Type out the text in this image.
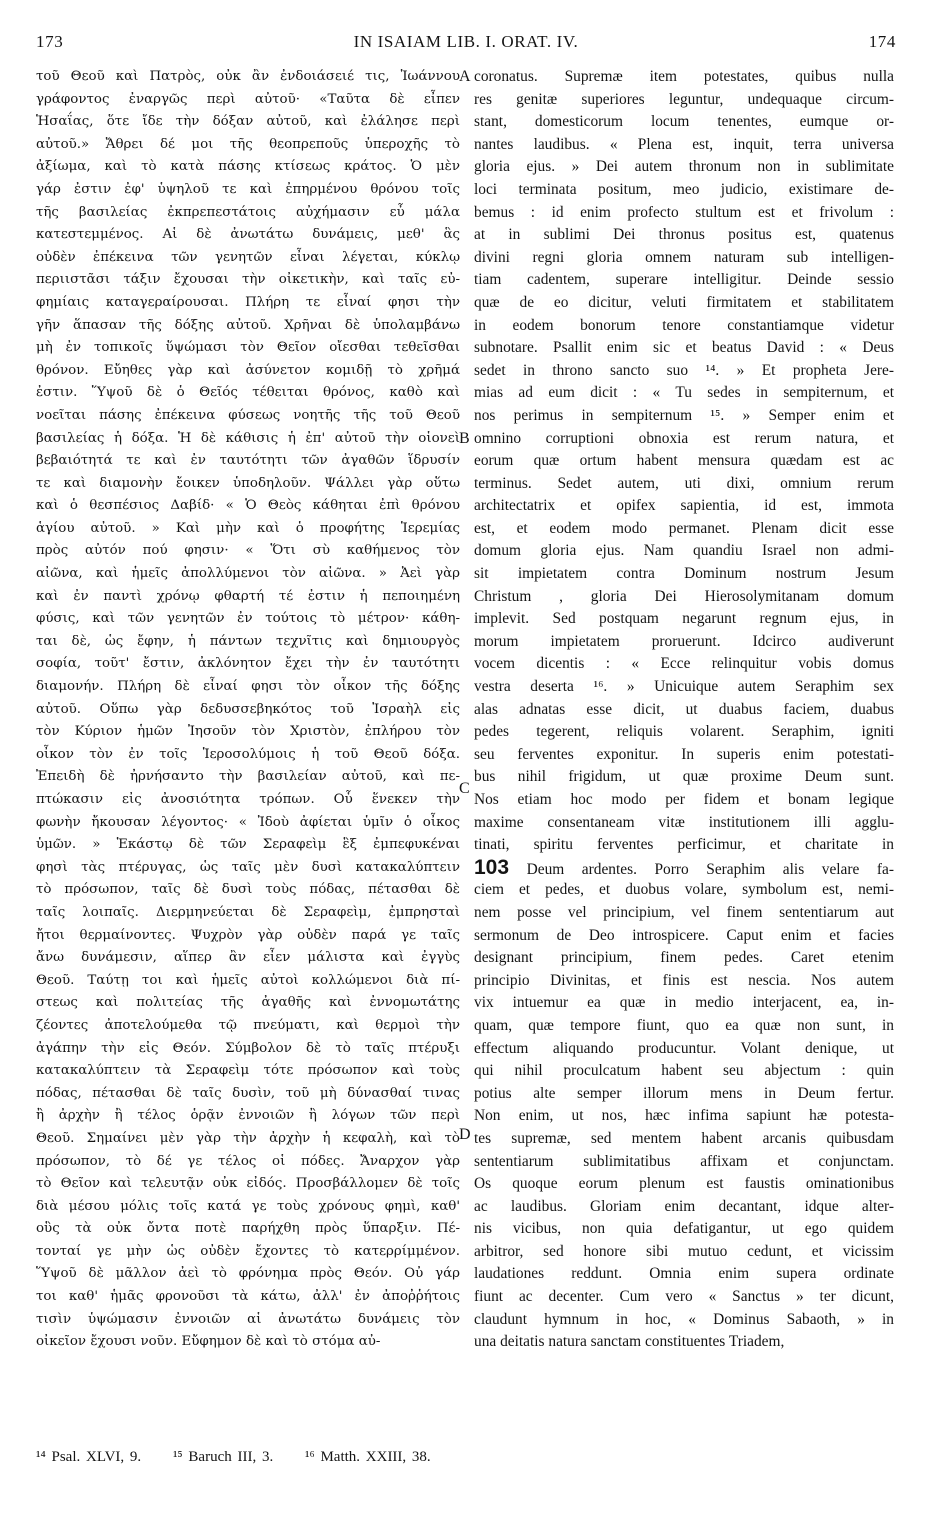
173	IN ISAIAM LIB. I. ORAT. IV.	174
τοῦ Θεοῦ καὶ Πατρὸς, οὐκ ἂν ἐνδοιάσειέ τις, Ἰωάννου
γράφοντος ἐναργῶς περὶ αὐτοῦ· «Ταῦτα δὲ εἶπεν
Ἡσαΐας, ὅτε ἴδε τὴν δόξαν αὐτοῦ, καὶ ἐλάλησε περὶ
αὐτοῦ.» Ἄθρει δέ μοι τῆς θεοπρεποῦς ὑπεροχῆς τὸ
ἀξίωμα, καὶ τὸ κατὰ πάσης κτίσεως κράτος. Ὁ μὲν
γάρ ἐστιν ἐφ' ὑψηλοῦ τε καὶ ἐπηρμένου θρόνου τοῖς
τῆς βασιλείας ἐκπρεπεστάτοις αὐχήμασιν εὖ μάλα
κατεστεμμένος. Αἱ δὲ ἀνωτάτω δυνάμεις, μεθ' ἃς
οὐδὲν ἐπέκεινα τῶν γενητῶν εἶναι λέγεται, κύκλῳ
περιιστᾶσι τάξιν ἔχουσαι τὴν οἰκετικὴν, καὶ ταῖς εὐ-
φημίαις καταγεραίρουσαι. Πλήρη τε εἶναί φησι τὴν
γῆν ἅπασαν τῆς δόξης αὐτοῦ. Χρῆναι δὲ ὑπολαμβάνω
μὴ ἐν τοπικοῖς ὕψώμασι τὸν Θεῖον οἴεσθαι τεθεῖσθαι
θρόνον. Εὔηθες γὰρ καὶ ἀσύνετον κομιδῇ τὸ χρῆμά
ἐστιν. Ὕψοῦ δὲ ὁ Θεῖός τέθειται θρόνος, καθὸ καὶ
νοεῖται πάσης ἐπέκεινα φύσεως νοητῆς τῆς τοῦ Θεοῦ
βασιλείας ἡ δόξα. Ἡ δὲ κάθισις ἡ ἐπ' αὐτοῦ τὴν οἱονεὶ
βεβαιότητά τε καὶ ἐν ταυτότητι τῶν ἀγαθῶν ἵδρυσίν
τε καὶ διαμονὴν ἔοικεν ὑποδηλοῦν. Ψάλλει γὰρ οὕτω
καὶ ὁ θεσπέσιος Δαβίδ· « Ὁ Θεὸς κάθηται ἐπὶ θρόνου
ἁγίου αὐτοῦ. » Καὶ μὴν καὶ ὁ προφήτης Ἱερεμίας
πρὸς αὐτόν πού φησιν· « Ὅτι σὺ καθήμενος τὸν
αἰῶνα, καὶ ἡμεῖς ἀπολλύμενοι τὸν αἰῶνα. » Ἀεὶ γὰρ
καὶ ἐν παντὶ χρόνῳ φθαρτή τέ ἐστιν ἡ πεποιημένη
φύσις, καὶ τῶν γενητῶν ἐν τούτοις τὸ μέτρον· κάθη-
ται δὲ, ὡς ἔφην, ἡ πάντων τεχνῖτις καὶ δημιουργὸς
σοφία, τοῦτ' ἔστιν, ἀκλόνητον ἔχει τὴν ἐν ταυτότητι
διαμονήν. Πλήρη δὲ εἶναί φησι τὸν οἶκον τῆς δόξης
αὐτοῦ. Οὕπω γὰρ δεδυσσεβηκότος τοῦ Ἰσραὴλ εἰς
τὸν Κύριον ἡμῶν Ἰησοῦν τὸν Χριστὸν, ἐπλήρου τὸν
οἶκον τὸν ἐν τοῖς Ἱεροσολύμοις ἡ τοῦ Θεοῦ δόξα.
Ἐπειδὴ δὲ ἠρνήσαντο τὴν βασιλείαν αὐτοῦ, καὶ πε-
πτώκασιν εἰς ἀνοσιότητα τρόπων. Οὗ ἕνεκεν τὴν
φωνὴν ἤκουσαν λέγοντος· « Ἰδοὺ ἀφίεται ὑμῖν ὁ οἶκος
ὑμῶν. » Ἑκάστῳ δὲ τῶν Σεραφεὶμ ἓξ ἐμπεφυκέναι
φησὶ τὰς πτέρυγας, ὡς ταῖς μὲν δυσὶ κατακαλύπτειν
τὸ πρόσωπον, ταῖς δὲ δυσὶ τοὺς πόδας, πέτασθαι δὲ
ταῖς λοιπαῖς. Διερμηνεύεται δὲ Σεραφεὶμ, ἐμπρησταὶ
ἤτοι θερμαίνοντες. Ψυχρὸν γὰρ οὐδὲν παρά γε ταῖς
ἄνω δυνάμεσιν, αἵπερ ἂν εἶεν μάλιστα καὶ ἐγγὺς
Θεοῦ. Ταύτῃ τοι καὶ ἡμεῖς αὐτοὶ κολλώμενοι διὰ πί-
στεως καὶ πολιτείας τῆς ἀγαθῆς καὶ ἐννομωτάτης
ζέοντες ἀποτελούμεθα τῷ πνεύματι, καὶ θερμοὶ τὴν
ἀγάπην τὴν εἰς Θεόν. Σύμβολον δὲ τὸ ταῖς πτέρυξι
κατακαλύπτειν τὰ Σεραφεὶμ τότε πρόσωπον καὶ τοὺς
πόδας, πέτασθαι δὲ ταῖς δυσὶν, τοῦ μὴ δύνασθαί τινας
ἢ ἀρχὴν ἢ τέλος ὁρᾷν ἐννοιῶν ἢ λόγων τῶν περὶ
Θεοῦ. Σημαίνει μὲν γὰρ τὴν ἀρχὴν ἡ κεφαλὴ, καὶ τὸ
πρόσωπον, τὸ δέ γε τέλος οἱ πόδες. Ἄναρχον γὰρ
τὸ Θεῖον καὶ τελευτᾷν οὐκ εἰδός. Προσβάλλομεν δὲ τοῖς
διὰ μέσου μόλις τοῖς κατά γε τοὺς χρόνους φημὶ, καθ'
οὓς τὰ οὐκ ὄντα ποτὲ παρήχθη πρὸς ὕπαρξιν. Πέ-
τονταί γε μὴν ὡς οὐδὲν ἔχοντες τὸ κατερρίμμένον.
Ὕψοῦ δὲ μᾶλλον ἀεὶ τὸ φρόνημα πρὸς Θεόν. Οὐ γάρ
τοι καθ' ἡμᾶς φρονοῦσι τὰ κάτω, ἀλλ' ἐν ἀποῤῥήτοις
τισὶν ὑψώμασιν ἐννοιῶν αἱ ἀνωτάτω δυνάμεις τὸν
οἰκεῖον ἔχουσι νοῦν. Εὔφημον δὲ καὶ τὸ στόμα αὐ-
coronatus. Supremæ item potestates, quibus nulla
res genitæ superiores leguntur, undequaque circum-
stant, domesticorum locum tenentes, eumque or-
nantes laudibus. « Plena est, inquit, terra universa
gloria ejus. » Dei autem thronum non in sublimitate
loci terminata positum, meo judicio, existimare de-
bemus : id enim profecto stultum est et frivolum :
at in sublimi Dei thronus positus est, quatenus
divini regni gloria omnem naturam sub intelligen-
tiam cadentem, superare intelligitur. Deinde sessio
quæ de eo dicitur, veluti firmitatem et stabilitatem
in eodem bonorum tenore constantiamque videtur
subnotare. Psallit enim sic et beatus David : « Deus
sedet in throno sancto suo ¹⁴. » Et propheta Jere-
mias ad eum dicit : « Tu sedes in sempiternum, et
nos perimus in sempiternum ¹⁵. » Semper enim et
omnino corruptioni obnoxia est rerum natura, et
eorum quæ ortum habent mensura quædam est ac
terminus. Sedet autem, uti dixi, omnium rerum
architectatrix et opifex sapientia, id est, immota
est, et eodem modo permanet. Plenam dicit esse
domum gloria ejus. Nam quandiu Israel non admi-
sit impietatem contra Dominum nostrum Jesum
Christum , gloria Dei Hierosolymitanam domum
implevit. Sed postquam negarunt regnum ejus, in
morum impietatem proruerunt. Idcirco audiverunt
vocem dicentis : « Ecce relinquitur vobis domus
vestra deserta ¹⁶. » Unicuique autem Seraphim sex
alas adnatas esse dicit, ut duabus faciem, duabus
pedes tegerent, reliquis volarent. Seraphim, igniti
seu ferventes exponitur. In superis enim potestati-
bus nihil frigidum, ut quæ proxime Deum sunt.
Nos etiam hoc modo per fidem et bonam legique
maxime consentaneam vitæ institutionem illi agglu-
tinati, spiritu ferventes perficimur, et charitate in
103 Deum ardentes. Porro Seraphim alis velare fa-
ciem et pedes, et duobus volare, symbolum est, nemi-
nem posse vel principium, vel finem sententiarum aut
sermonum de Deo introspicere. Caput enim et facies
designant principium, finem pedes. Caret etenim
principio Divinitas, et finis est nescia. Nos autem
vix intuemur ea quæ in medio interjacent, ea, in-
quam, quæ tempore fiunt, quo ea quæ non sunt, in
effectum aliquando producuntur. Volant denique, ut
qui nihil proculcatum habent seu abjectum : quin
potius alte semper illorum mens in Deum fertur.
Non enim, ut nos, hæc infima sapiunt hæ potesta-
tes supremæ, sed mentem habent arcanis quibusdam
sententiarum sublimitatibus affixam et conjunctam.
Os quoque eorum plenum est faustis ominationibus
ac laudibus. Gloriam enim decantant, idque alter-
nis vicibus, non quia defatigantur, ut ego quidem
arbitror, sed honore sibi mutuo cedunt, et vicissim
laudationes reddunt. Omnia enim supera ordinate
fiunt ac decenter. Cum vero « Sanctus » ter dicunt,
claudunt hymnum in hoc, « Dominus Sabaoth, » in
una deitatis natura sanctam constituentes Triadem,
A
B
C
D
¹⁴ Psal. XLVI, 9. ¹⁵ Baruch III, 3. ¹⁶ Matth. XXIII, 38.
